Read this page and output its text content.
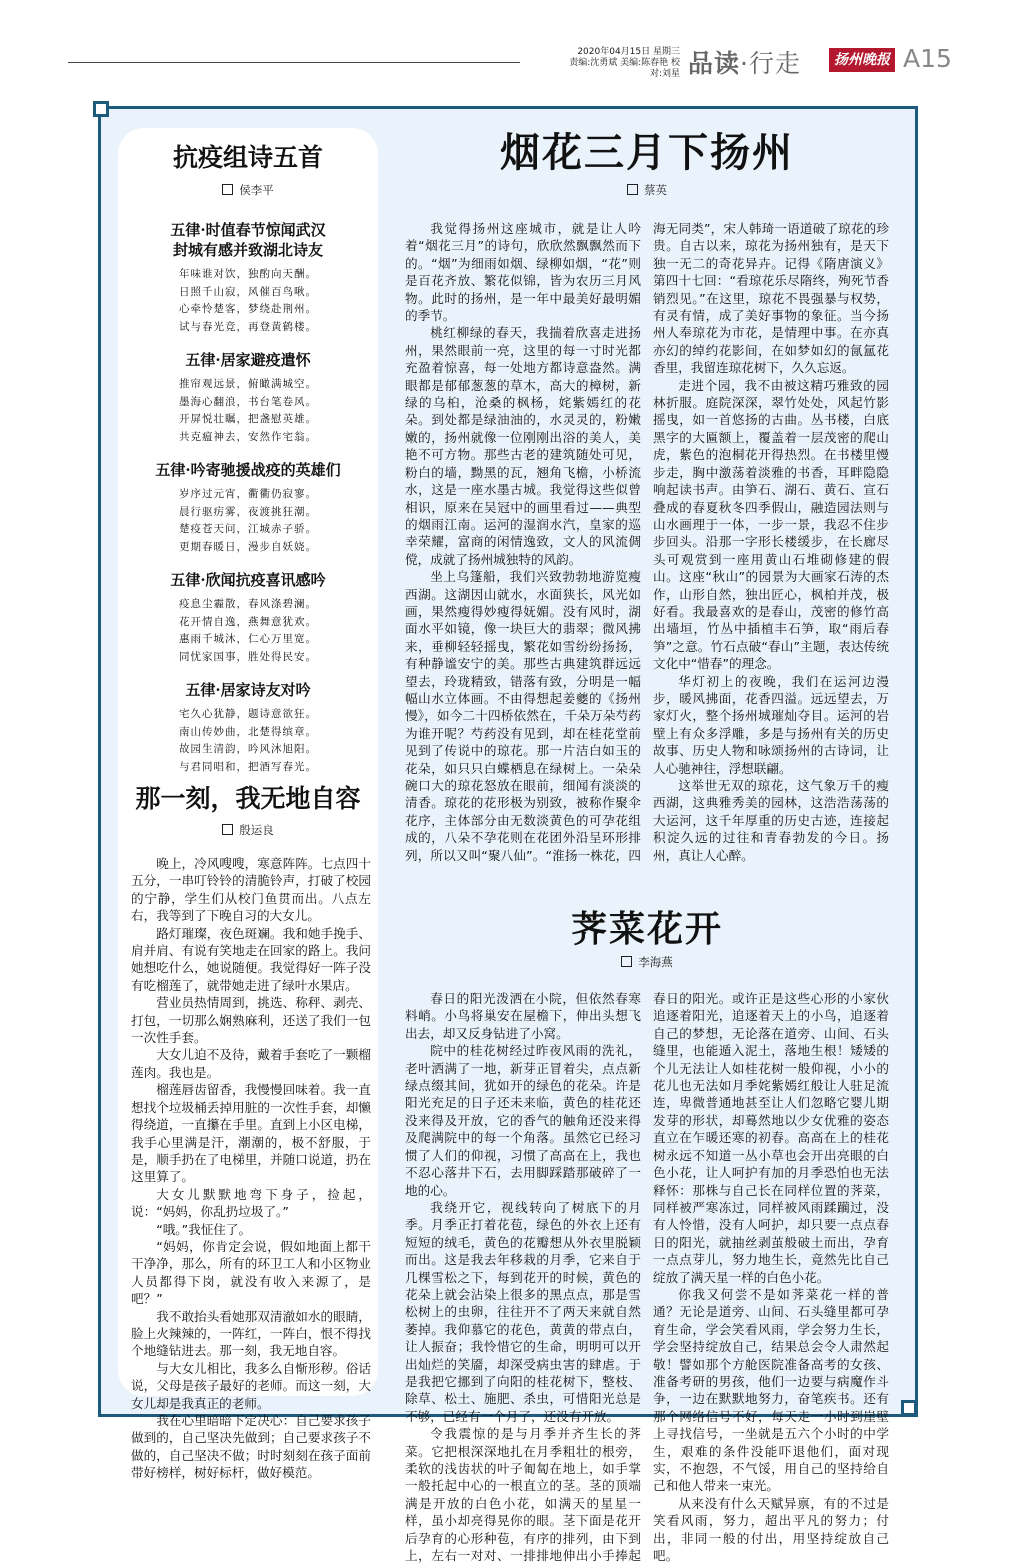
2020年04月15日 星期三
责编:沈勇斌 美编:陈春艳 校对:刘星 品读·行走	扬州晚报 A15
抗疫组诗五首
侯李平
五律·时值春节惊闻武汉
封城有感并致湖北诗友
年味谁对饮，独酌向天酬。
日照千山寂，风催百鸟啾。
心牵怜楚客，梦绕赴荆州。
试与春光竞，再登黄鹤楼。
五律·居家避疫遣怀
推帘观远景，俯瞰满城空。
墨海心翻浪，书台笔卷风。
开屏悦壮瞩，把盏慰英雄。
共克瘟神去，安然作宅翁。
五律·吟寄驰援战疫的英雄们
岁序过元宵，衢衢仍寂寥。
晨行驱疠雾，夜渡挑狂潮。
楚疫苍天问，江城赤子骄。
更期春暖日，漫步自妖娆。
五律·欣闻抗疫喜讯感吟
疫息尘霾散，春风涤碧澜。
花开情自逸，燕舞意犹欢。
惠雨千城沐，仁心万里宽。
同忧家国事，胜处得民安。
五律·居家诗友对吟
宅久心犹静，题诗意欲狂。
南山传妙曲，北楚得缤章。
故园生清韵，吟风沐旭阳。
与君同唱和，把酒写春光。
那一刻，我无地自容
殷运良

晚上，冷风嗖嗖，寒意阵阵。七点四十五分，一串叮铃铃的清脆铃声，打破了校园的宁静，学生们从校门鱼贯而出。八点左右，我等到了下晚自习的大女儿。

路灯璀璨，夜色斑斓。我和她手挽手、肩并肩、有说有笑地走在回家的路上。我问她想吃什么，她说随便。我觉得好一阵子没有吃榴莲了，就带她走进了绿叶水果店。

营业员热情周到，挑选、称秤、剥壳、打包，一切那么娴熟麻利，还送了我们一包一次性手套。

大女儿迫不及待，戴着手套吃了一颗榴莲肉。我也是。

榴莲唇齿留香，我慢慢回味着。我一直想找个垃圾桶丢掉用脏的一次性手套，却懒得绕道，一直攥在手里。直到上小区电梯，我手心里满是汗，潮潮的，极不舒服，于是，顺手扔在了电梯里，并随口说道，扔在这里算了。

大女儿默默地弯下身子，捡起，说：“妈妈，你乱扔垃圾了。”

“哦。”我怔住了。

“妈妈，你肯定会说，假如地面上都干干净净，那么，所有的环卫工人和小区物业人员都得下岗，就没有收入来源了，是吧？”

我不敢抬头看她那双清澈如水的眼睛，脸上火辣辣的，一阵红，一阵白，恨不得找个地缝钻进去。那一刻，我无地自容。

与大女儿相比，我多么自惭形秽。俗话说，父母是孩子最好的老师。而这一刻，大女儿却是我真正的老师。

我在心里暗暗下定决心：自己要求孩子做到的，自己坚决先做到；自己要求孩子不做的，自己坚决不做；时时刻刻在孩子面前带好榜样，树好标杆，做好模范。

烟花三月下扬州
蔡英

我觉得扬州这座城市，就是让人吟着“烟花三月”的诗句，欣欣然飘飘然而下的。“烟”为细雨如烟、绿柳如烟，“花”则是百花齐放、繁花似锦，皆为农历三月风物。此时的扬州，是一年中最美好最明媚的季节。

桃红柳绿的春天，我揣着欣喜走进扬州，果然眼前一亮，这里的每一寸时光都充盈着惊喜，每一处地方都诗意盎然。满眼都是郁郁葱葱的草木，高大的樟树，新绿的乌桕，沧桑的枫杨，姹紫嫣红的花朵。到处都是绿油油的，水灵灵的，粉嫩嫩的，扬州就像一位刚刚出浴的美人，美艳不可方物。那些古老的建筑随处可见，粉白的墙，黝黑的瓦，翘角飞檐，小桥流水，这是一座水墨古城。我觉得这些似曾相识，原来在吴冠中的画里看过——典型的烟雨江南。运河的湿润水汽，皇家的巡幸荣耀，富商的闲情逸致，文人的风流倜傥，成就了扬州城独特的风韵。

坐上乌篷船，我们兴致勃勃地游览瘦西湖。这湖因山就水，水面狭长，风光如画，果然瘦得妙瘦得妩媚。没有风时，湖面水平如镜，像一块巨大的翡翠；微风拂来，垂柳轻轻摇曳，繁花如雪纷纷扬扬，有种静谧安宁的美。那些古典建筑群远远望去，玲珑精致，错落有致，分明是一幅幅山水立体画。不由得想起姜夔的《扬州慢》，如今二十四桥依然在，千朵万朵芍药为谁开呢？芍药没有见到，却在桂花堂前见到了传说中的琼花。那一片洁白如玉的花朵，如只只白蝶栖息在绿树上。一朵朵碗口大的琼花怒放在眼前，细闻有淡淡的清香。琼花的花形极为别致，被称作聚伞花序，主体部分由无数淡黄色的可孕花组成的，八朵不孕花则在花团外沿呈环形排列，所以又叫“聚八仙”。“淮扬一株花，四海无同类”，宋人韩琦一语道破了琼花的珍贵。自古以来，琼花为扬州独有，是天下独一无二的奇花异卉。记得《隋唐演义》第四十七回：“看琼花乐尽隋终，殉死节香销烈见。”在这里，琼花不畏强暴与权势，有灵有情，成了美好事物的象征。当今扬州人奉琼花为市花，是情理中事。在亦真亦幻的绰约花影间，在如梦如幻的氤氲花香里，我留连琼花树下，久久忘返。

走进个园，我不由被这精巧雅致的园林折服。庭院深深，翠竹处处，风起竹影摇曳，如一首悠扬的古曲。丛书楼，白底黑字的大匾额上，覆盖着一层茂密的爬山虎，紫色的泡桐花开得热烈。在书楼里慢步走，胸中激荡着淡雅的书香，耳畔隐隐响起读书声。由笋石、湖石、黄石、宣石叠成的春夏秋冬四季假山，融造园法则与山水画理于一体，一步一景，我忍不住步步回头。沿那一字形长楼缓步，在长廊尽头可观赏到一座用黄山石堆砌修建的假山。这座“秋山”的园景为大画家石涛的杰作，山形自然，独出匠心，枫柏并茂，极好看。我最喜欢的是春山，茂密的修竹高出墙垣，竹丛中插植丰石笋，取“雨后春笋”之意。竹石点破“春山”主题，表达传统文化中“惜春”的理念。

华灯初上的夜晚，我们在运河边漫步，暖风拂面，花香四溢。远远望去，万家灯火，整个扬州城璀灿夺目。运河的岩壁上有众多浮雕，多是与扬州有关的历史故事、历史人物和咏颂扬州的古诗词，让人心驰神往，浮想联翩。

这举世无双的琼花，这气象万千的瘦西湖，这典雅秀美的园林，这浩浩荡荡的大运河，这千年厚重的历史古迹，连接起积淀久远的过往和青春勃发的今日。扬州，真让人心醉。

荠菜花开
李海燕

春日的阳光泼洒在小院，但依然春寒料峭。小鸟将巢安在屋檐下，伸出头想飞出去，却又反身钻进了小窝。

院中的桂花树经过昨夜风雨的洗礼，老叶洒满了一地，新芽正冒着尖，点点新绿点缀其间，犹如开的绿色的花朵。许是阳光充足的日子还未来临，黄色的桂花还没来得及开放，它的香气的触角还没来得及爬满院中的每一个角落。虽然它已经习惯了人们的仰视，习惯了高高在上，我也不忍心落井下石，去用脚踩踏那破碎了一地的心。

我绕开它，视线转向了树底下的月季。月季正打着花苞，绿色的外衣上还有短短的绒毛，黄色的花瓣想从外衣里脱颖而出。这是我去年移栽的月季，它来自于几棵雪松之下，每到花开的时候，黄色的花朵上就会沾染上很多的黑点点，那是雪松树上的虫卵，往往开不了两天来就自然萎掉。我仰慕它的花色，黄黄的带点白，让人振奋；我怜惜它的生命，明明可以开出灿烂的笑靥，却深受病虫害的肆虐。于是我把它挪到了向阳的桂花树下，整枝、除草、松土、施肥、杀虫，可惜阳光总是不够，已经有一个月了，还没有开放。

令我震惊的是与月季并齐生长的荠菜。它把根深深地扎在月季粗壮的根旁，柔软的浅齿状的叶子匍匐在地上，如手掌一般托起中心的一根直立的茎。茎的顶端满是开放的白色小花，如满天的星星一样，虽小却亮得晃你的眼。茎下面是花开后孕育的心形种苞，有序的排列，由下到上，左右一对对、一排排地伸出小手捧起春日的阳光。或许正是这些心形的小家伙追逐着阳光，追逐着天上的小鸟，追逐着自己的梦想，无论落在道旁、山间、石头缝里，也能遁入泥土，落地生根！矮矮的个儿无法让人如桂花树一般仰视，小小的花儿也无法如月季姹紫嫣红般让人驻足流连，卑微普通地甚至让人们忽略它婴儿期发芽的形状，却蓦然地以少女优雅的姿态直立在乍暖还寒的初春。高高在上的桂花树永远不知道一丛小草也会开出亮眼的白色小花，让人呵护有加的月季恐怕也无法释怀：那株与自己长在同样位置的荠菜，同样被严寒冻过，同样被风雨蹂躏过，没有人怜惜，没有人呵护，却只要一点点春日的阳光，就抽丝剥茧般破土而出，孕育一点点芽儿，努力地生长，竟然先比自己绽放了满天星一样的白色小花。

你我又何尝不是如荠菜花一样的普通？无论是道旁、山间、石头缝里都可孕育生命，学会笑看风雨，学会努力生长，学会坚持绽放自己，结果总会令人肃然起敬！譬如那个方舱医院准备高考的女孩、准备考研的男孩，他们一边要与病魔作斗争，一边在默默地努力，奋笔疾书。还有那个网络信号不好，每天走一小时到崖壁上寻找信号，一坐就是五六个小时的中学生，艰难的条件没能吓退他们，面对现实，不抱怨，不气馁，用自己的坚持给自己和他人带来一束光。

从来没有什么天赋异禀，有的不过是笑看风雨，努力，超出平凡的努力；付出，非同一般的付出，用坚持绽放自己吧。
